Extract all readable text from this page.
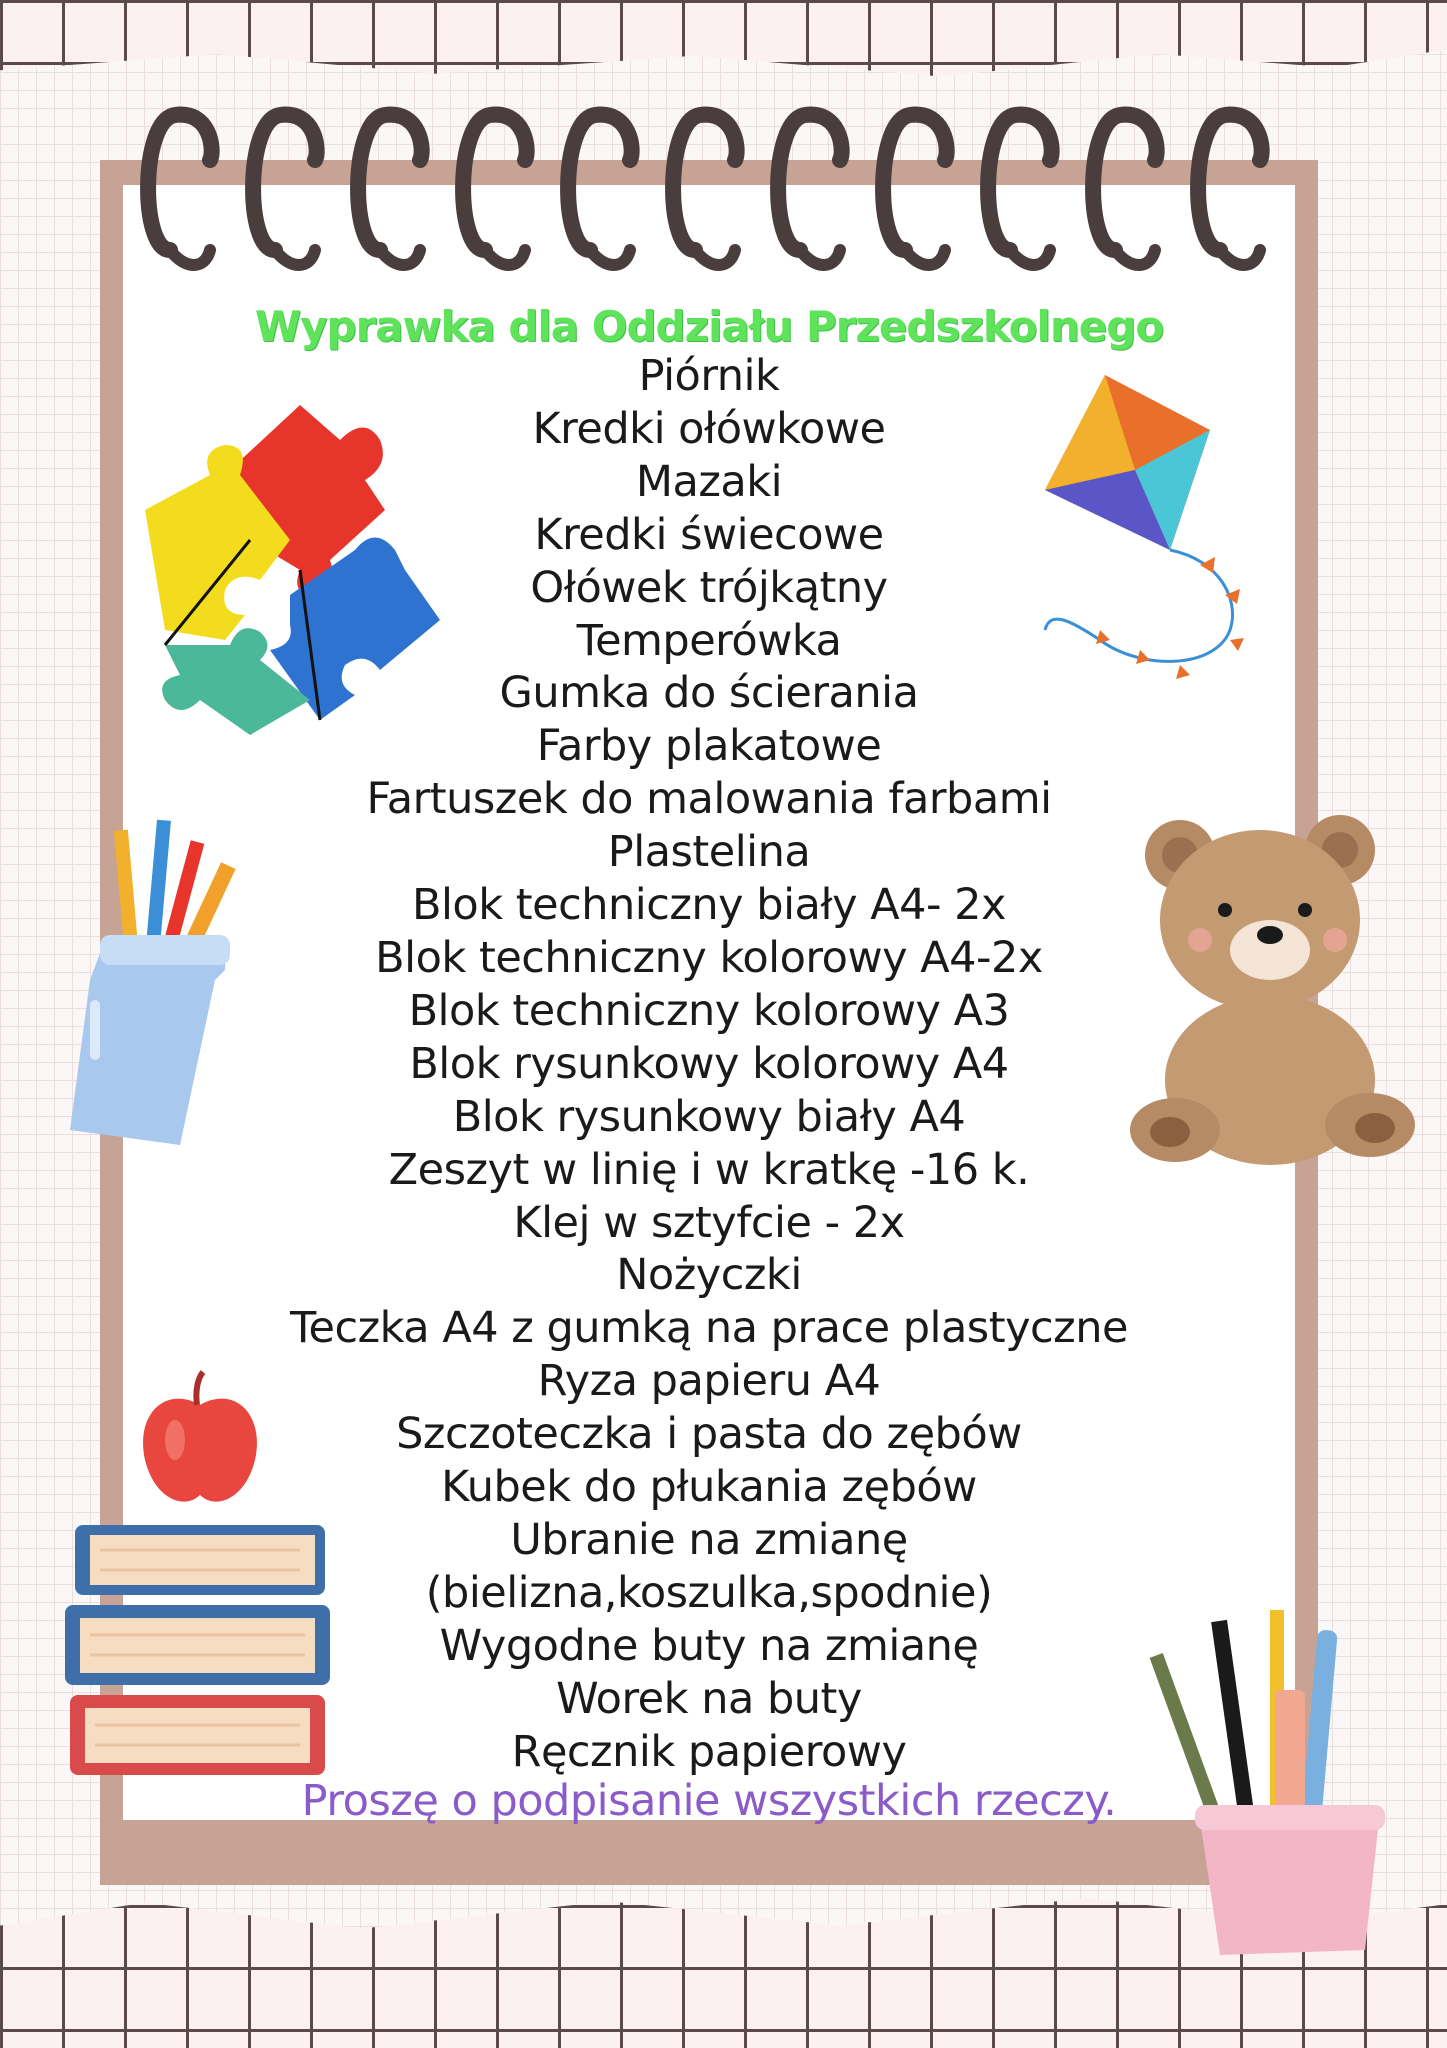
Wyprawka dla Oddziału Przedszkolnego
Piórnik
Kredki ołówkowe
Mazaki
Kredki świecowe
Ołówek trójkątny
Temperówka
Gumka do ścierania
Farby plakatowe
Fartuszek do malowania farbami
Plastelina
Blok techniczny biały A4- 2x
Blok techniczny kolorowy A4-2x
Blok techniczny kolorowy A3
Blok rysunkowy kolorowy A4
Blok rysunkowy biały A4
Zeszyt w linię i w kratkę -16 k.
Klej w sztyfcie - 2x
Nożyczki
Teczka A4 z gumką na prace plastyczne
Ryza papieru A4
Szczoteczka i pasta do zębów
Kubek do płukania zębów
Ubranie na zmianę
(bielizna,koszulka,spodnie)
Wygodne buty na zmianę
Worek na buty
Ręcznik papierowy
Proszę o podpisanie wszystkich rzeczy.
